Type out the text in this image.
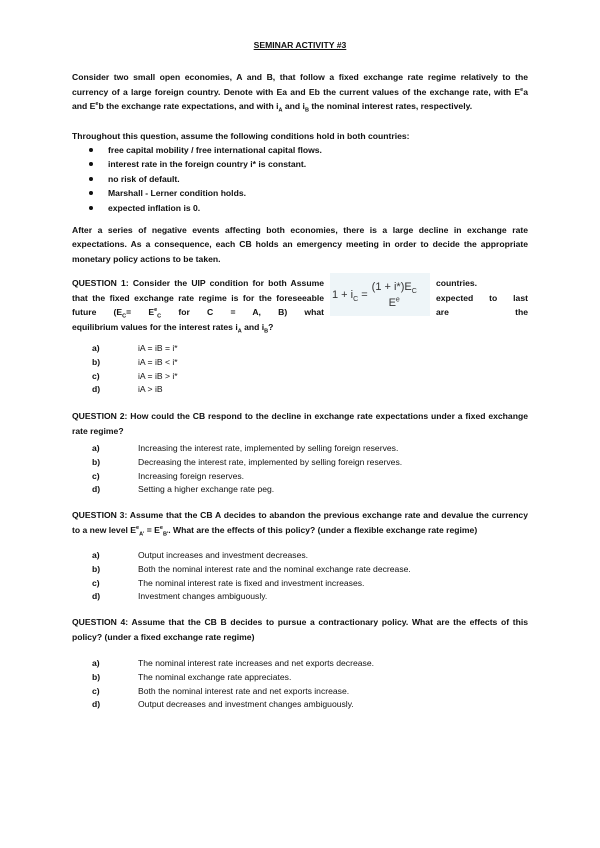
SEMINAR ACTIVITY #3
Consider two small open economies, A and B, that follow a fixed exchange rate regime relatively to the currency of a large foreign country. Denote with Ea and Eb the current values of the exchange rate, with $E^ea$ and $E^eb$ the exchange rate expectations, and with $i_A$ and $i_B$ the nominal interest rates, respectively.
Throughout this question, assume the following conditions hold in both countries:
free capital mobility / free international capital flows.
interest rate in the foreign country i* is constant.
no risk of default.
Marshall - Lerner condition holds.
expected inflation is 0.
After a series of negative events affecting both economies, there is a large decline in exchange rate expectations. As a consequence, each CB holds an emergency meeting in order to decide the appropriate monetary policy actions to be taken.
QUESTION 1: Consider the UIP condition for both Assume that the fixed exchange rate regime is for the foreseeable future ($E_C= E^e_C$ for C = A, B) what
$1 + i_C$ =
$(1 + i*)E_C$
$E^e$
countries.
expected to last
are	the
equilibrium values for the interest rates $i_A$ and $i_B$?
a)	iA = iB = i*
b)	iA = iB < i*
c)	iA = iB > i*
d)	iA > iB
QUESTION 2: How could the CB respond to the decline in exchange rate expectations under a fixed exchange rate regime?
a)	Increasing the interest rate, implemented by selling foreign reserves.
b)	Decreasing the interest rate, implemented by selling foreign reserves.
c)	Increasing foreign reserves.
d)	Setting a higher exchange rate peg.
QUESTION 3: Assume that the CB A decides to abandon the previous exchange rate and devalue the currency to a new level $E^e_{A'} = E^e_{B'}$. What are the effects of this policy? (under a flexible exchange rate regime)
a)	Output increases and investment decreases.
b)	Both the nominal interest rate and the nominal exchange rate decrease.
c)	The nominal interest rate is fixed and investment increases.
d)	Investment changes ambiguously.
QUESTION 4: Assume that the CB B decides to pursue a contractionary policy. What are the effects of this policy? (under a fixed exchange rate regime)
a)	The nominal interest rate increases and net exports decrease.
b)	The nominal exchange rate appreciates.
c)	Both the nominal interest rate and net exports increase.
d)	Output decreases and investment changes ambiguously.
